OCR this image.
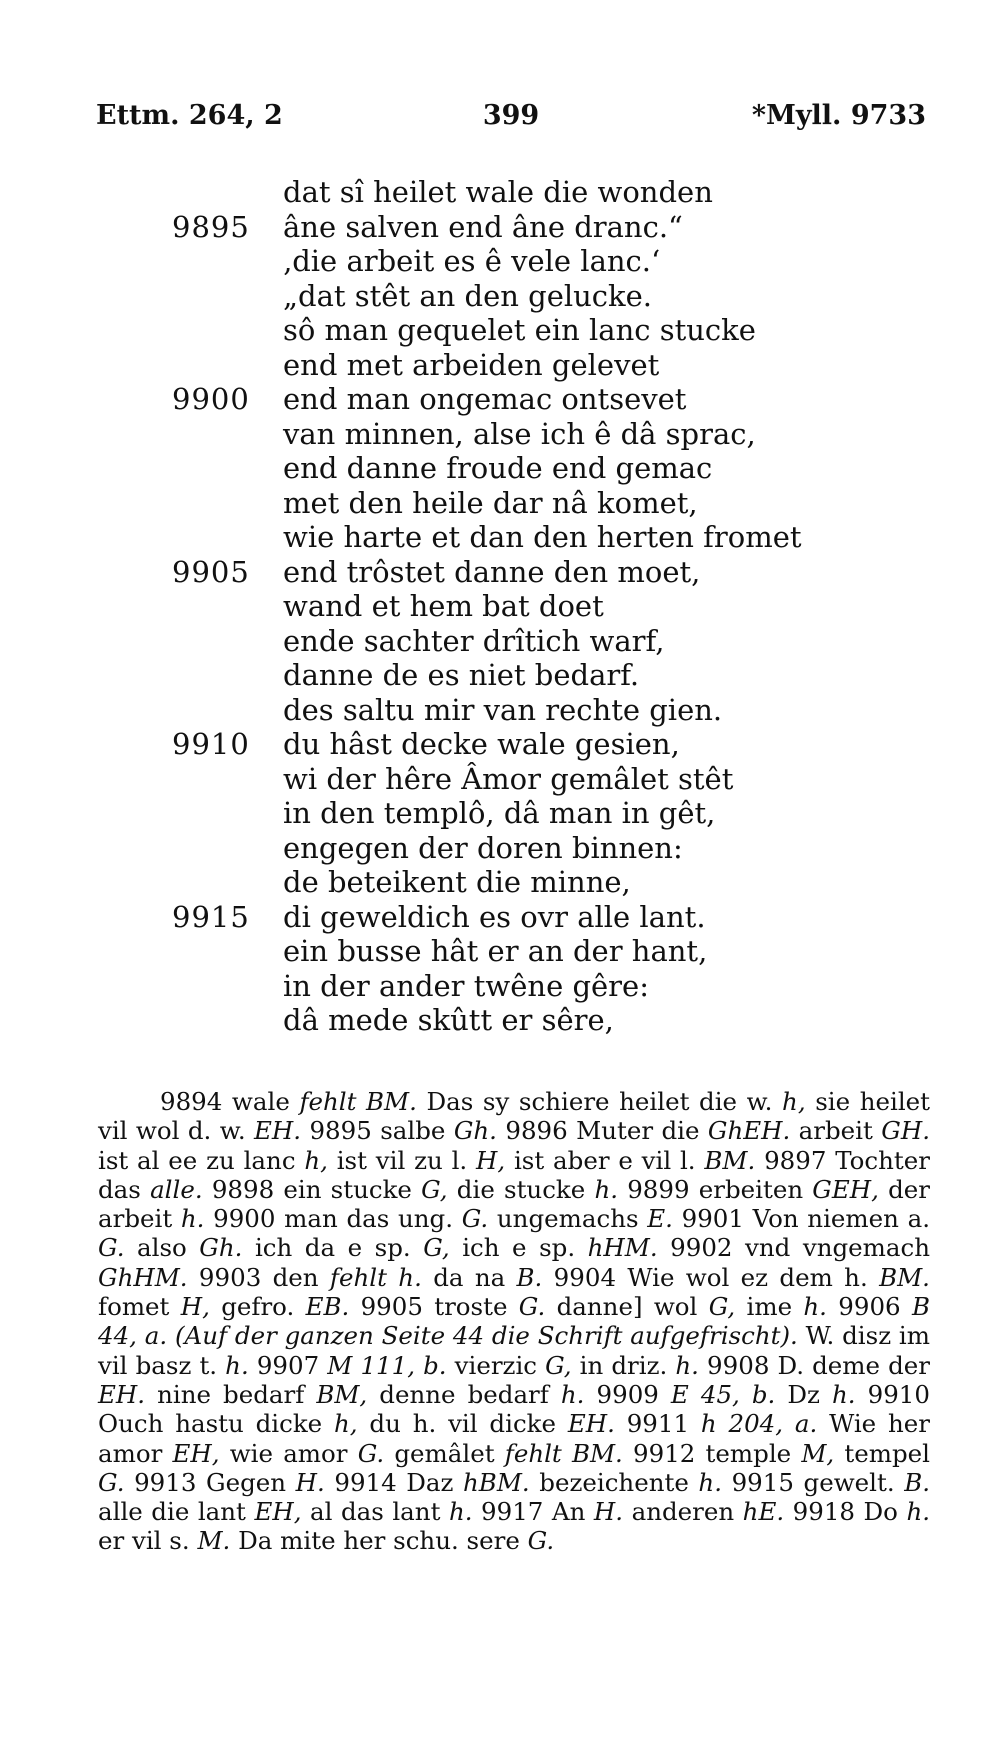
Ettm. 264, 2	399	*Myll. 9733
dat sî heilet wale die wonden
9895 âne salven end âne dranc.“
‚die arbeit es ê vele lanc.‘
„dat stêt an den gelucke.
sô man gequelet ein lanc stucke
end met arbeiden gelevet
9900 end man ongemac ontsevet
van minnen, alse ich ê dâ sprac,
end danne froude end gemac
met den heile dar nâ komet,
wie harte et dan den herten fromet
9905 end trôstet danne den moet,
wand et hem bat doet
ende sachter drîtich warf,
danne de es niet bedarf.
des saltu mir van rechte gien.
9910 du hâst decke wale gesien,
wi der hêre Âmor gemâlet stêt
in den templô, dâ man in gêt,
engegen der doren binnen:
de beteikent die minne,
9915 di geweldich es ovr alle lant.
ein busse hât er an der hant,
in der ander twêne gêre:
dâ mede skûtt er sêre,

9894 wale fehlt BM. Das sy schiere heilet die w. h, sie heilet vil wol d. w. EH. 9895 salbe Gh. 9896 Muter die GhEH. arbeit GH. ist al ee zu lanc h, ist vil zu l. H, ist aber e vil l. BM. 9897 Tochter das alle. 9898 ein stucke G, die stucke h. 9899 erbeiten GEH, der arbeit h. 9900 man das ung. G. ungemachs E. 9901 Von niemen a. G. also Gh. ich da e sp. G, ich e sp. hHM. 9902 vnd vngemach GhHM. 9903 den fehlt h. da na B. 9904 Wie wol ez dem h. BM. fomet H, gefro. EB. 9905 troste G. danne] wol G, ime h. 9906 B 44, a. (Auf der ganzen Seite 44 die Schrift aufgefrischt). W. disz im vil basz t. h. 9907 M 111, b. vierzic G, in driz. h. 9908 D. deme der EH. nine bedarf BM, denne bedarf h. 9909 E 45, b. Dz h. 9910 Ouch hastu dicke h, du h. vil dicke EH. 9911 h 204, a. Wie her amor EH, wie amor G. gemâlet fehlt BM. 9912 temple M, tempel G. 9913 Gegen H. 9914 Daz hBM. bezeichente h. 9915 gewelt. B. alle die lant EH, al das lant h. 9917 An H. anderen hE. 9918 Do h. er vil s. M. Da mite her schu. sere G.
